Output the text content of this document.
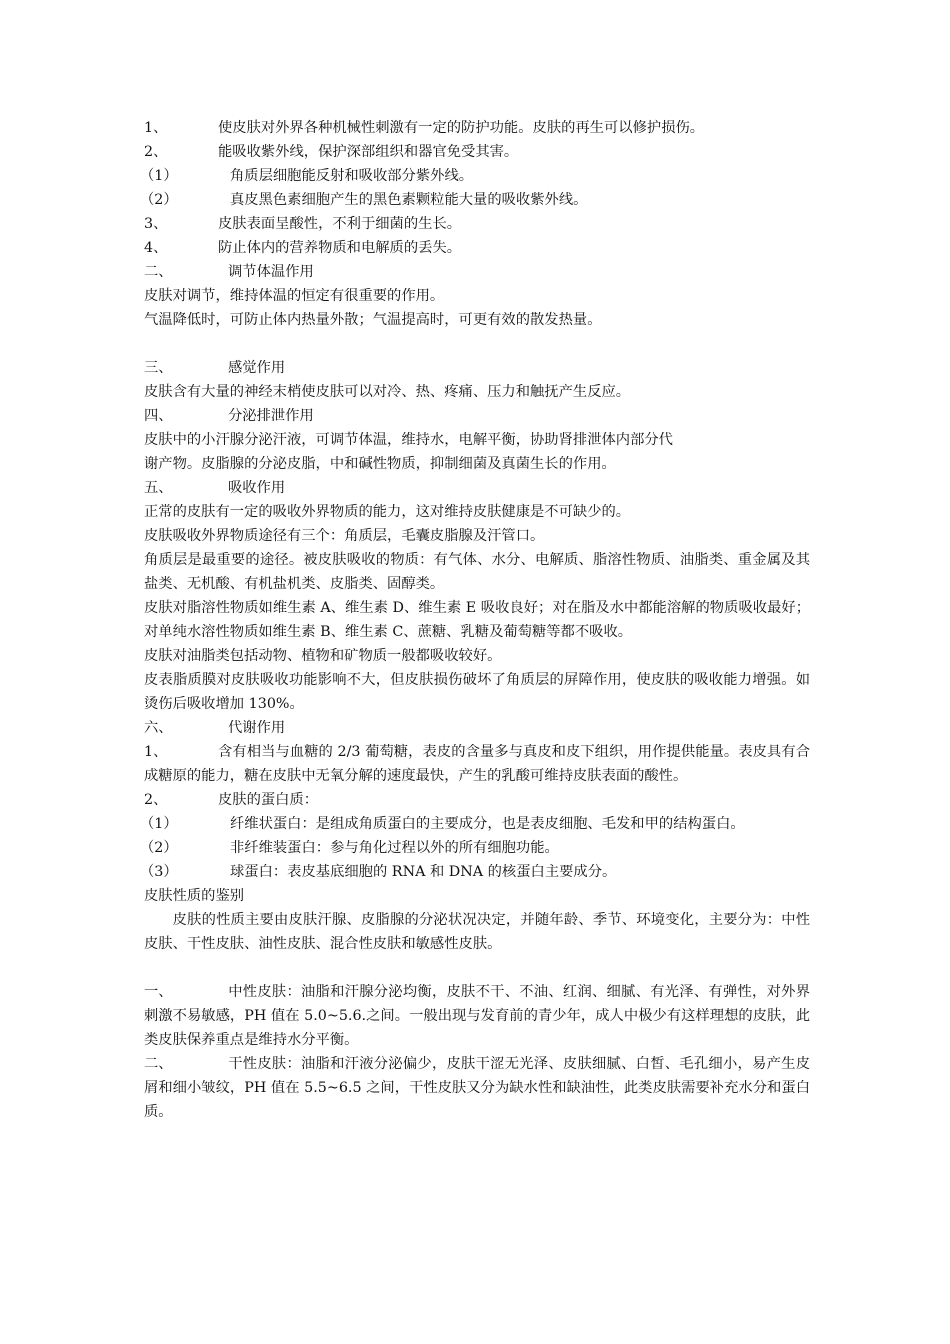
1、	使皮肤对外界各种机械性刺激有一定的防护功能。皮肤的再生可以修护损伤。
2、	能吸收紫外线，保护深部组织和器官免受其害。
（1）	角质层细胞能反射和吸收部分紫外线。
（2）	真皮黑色素细胞产生的黑色素颗粒能大量的吸收紫外线。
3、	皮肤表面呈酸性，不利于细菌的生长。
4、	防止体内的营养物质和电解质的丢失。
二、	调节体温作用
皮肤对调节，维持体温的恒定有很重要的作用。
气温降低时，可防止体内热量外散；气温提高时，可更有效的散发热量。
三、	感觉作用
皮肤含有大量的神经末梢使皮肤可以对冷、热、疼痛、压力和触抚产生反应。
四、	分泌排泄作用
皮肤中的小汗腺分泌汗液，可调节体温，维持水，电解平衡，协助肾排泄体内部分代
谢产物。皮脂腺的分泌皮脂，中和碱性物质，抑制细菌及真菌生长的作用。
五、	吸收作用
正常的皮肤有一定的吸收外界物质的能力，这对维持皮肤健康是不可缺少的。
皮肤吸收外界物质途径有三个：角质层，毛囊皮脂腺及汗管口。
角质层是最重要的途径。被皮肤吸收的物质：有气体、水分、电解质、脂溶性物质、油脂类、重金属及其盐类、无机酸、有机盐机类、皮脂类、固醇类。
皮肤对脂溶性物质如维生素 A、维生素 D、维生素 E 吸收良好；对在脂及水中都能溶解的物质吸收最好；对单纯水溶性物质如维生素 B、维生素 C、蔗糖、乳糖及葡萄糖等都不吸收。
皮肤对油脂类包括动物、植物和矿物质一般都吸收较好。
皮表脂质膜对皮肤吸收功能影响不大，但皮肤损伤破坏了角质层的屏障作用，使皮肤的吸收能力增强。如烫伤后吸收增加 130%。
六、	代谢作用
1、	含有相当与血糖的 2/3 葡萄糖，表皮的含量多与真皮和皮下组织，用作提供能量。表皮具有合成糖原的能力，糖在皮肤中无氧分解的速度最快，产生的乳酸可维持皮肤表面的酸性。
2、	皮肤的蛋白质：
（1）	纤维状蛋白：是组成角质蛋白的主要成分，也是表皮细胞、毛发和甲的结构蛋白。
（2）	非纤维装蛋白：参与角化过程以外的所有细胞功能。
（3）	球蛋白：表皮基底细胞的 RNA 和 DNA 的核蛋白主要成分。
皮肤性质的鉴别
皮肤的性质主要由皮肤汗腺、皮脂腺的分泌状况决定，并随年龄、季节、环境变化，主要分为：中性皮肤、干性皮肤、油性皮肤、混合性皮肤和敏感性皮肤。
一、	中性皮肤：油脂和汗腺分泌均衡，皮肤不干、不油、红润、细腻、有光泽、有弹性，对外界刺激不易敏感，PH 值在 5.0~5.6.之间。一般出现与发育前的青少年，成人中极少有这样理想的皮肤，此类皮肤保养重点是维持水分平衡。
二、	干性皮肤：油脂和汗液分泌偏少，皮肤干涩无光泽、皮肤细腻、白皙、毛孔细小，易产生皮屑和细小皱纹，PH 值在 5.5~6.5 之间，干性皮肤又分为缺水性和缺油性，此类皮肤需要补充水分和蛋白质。
